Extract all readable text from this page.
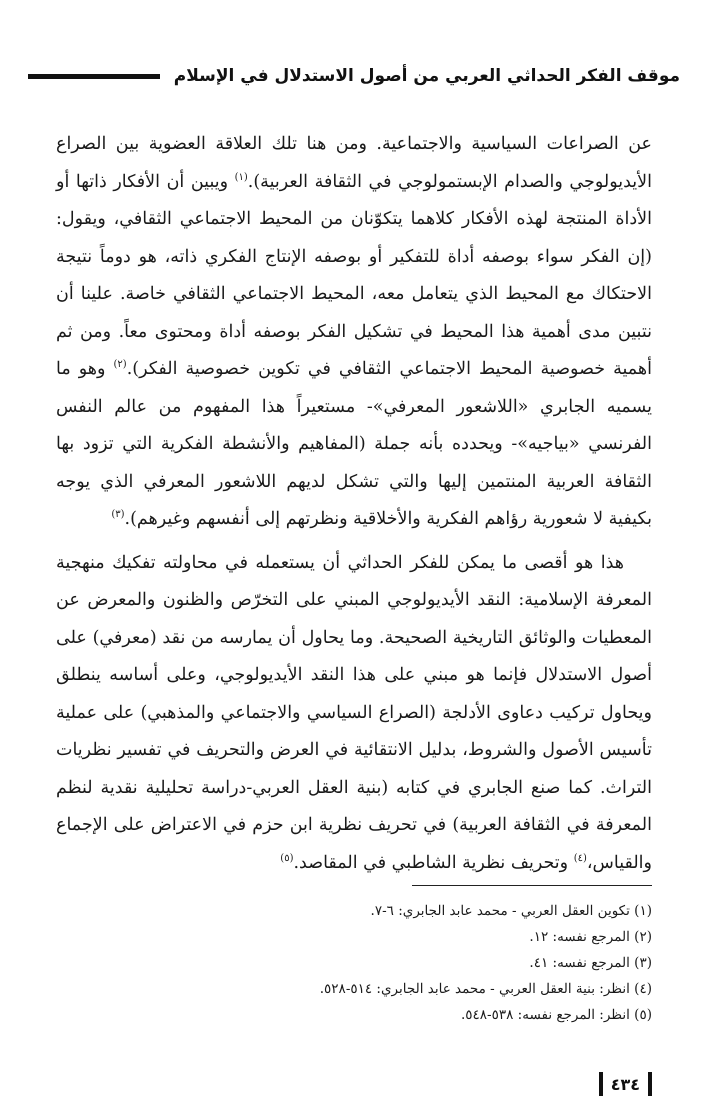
موقف الفكر الحداثي العربي من أصول الاستدلال في الإسلام

عن الصراعات السياسية والاجتماعية. ومن هنا تلك العلاقة العضوية بين الصراع الأيديولوجي والصدام الإبستمولوجي في الثقافة العربية).$^{(١)}$ ويبين أن الأفكار ذاتها أو الأداة المنتجة لهذه الأفكار كلاهما يتكوّنان من المحيط الاجتماعي الثقافي، ويقول: (إن الفكر سواء بوصفه أداة للتفكير أو بوصفه الإنتاج الفكري ذاته، هو دوماً نتيجة الاحتكاك مع المحيط الذي يتعامل معه، المحيط الاجتماعي الثقافي خاصة. علينا أن نتبين مدى أهمية هذا المحيط في تشكيل الفكر بوصفه أداة ومحتوى معاً. ومن ثم أهمية خصوصية المحيط الاجتماعي الثقافي في تكوين خصوصية الفكر).$^{(٢)}$ وهو ما يسميه الجابري «اللاشعور المعرفي»- مستعيراً هذا المفهوم من عالم النفس الفرنسي «بياجيه»- ويحدده بأنه جملة (المفاهيم والأنشطة الفكرية التي تزود بها الثقافة العربية المنتمين إليها والتي تشكل لديهم اللاشعور المعرفي الذي يوجه بكيفية لا شعورية رؤاهم الفكرية والأخلاقية ونظرتهم إلى أنفسهم وغيرهم).$^{(٣)}$

هذا هو أقصى ما يمكن للفكر الحداثي أن يستعمله في محاولته تفكيك منهجية المعرفة الإسلامية: النقد الأيديولوجي المبني على التخرّص والظنون والمعرض عن المعطيات والوثائق التاريخية الصحيحة. وما يحاول أن يمارسه من نقد (معرفي) على أصول الاستدلال فإنما هو مبني على هذا النقد الأيديولوجي، وعلى أساسه ينطلق ويحاول تركيب دعاوى الأدلجة (الصراع السياسي والاجتماعي والمذهبي) على عملية تأسيس الأصول والشروط، بدليل الانتقائية في العرض والتحريف في تفسير نظريات التراث. كما صنع الجابري في كتابه (بنية العقل العربي-دراسة تحليلية نقدية لنظم المعرفة في الثقافة العربية) في تحريف نظرية ابن حزم في الاعتراض على الإجماع والقياس،$^{(٤)}$ وتحريف نظرية الشاطبي في المقاصد.$^{(٥)}$

(١) تكوين العقل العربي - محمد عابد الجابري: ٦-٧.
(٢) المرجع نفسه: ١٢.
(٣) المرجع نفسه: ٤١.
(٤) انظر: بنية العقل العربي - محمد عابد الجابري: ٥١٤-٥٢٨.
(٥) انظر: المرجع نفسه: ٥٣٨-٥٤٨.
٤٣٤
